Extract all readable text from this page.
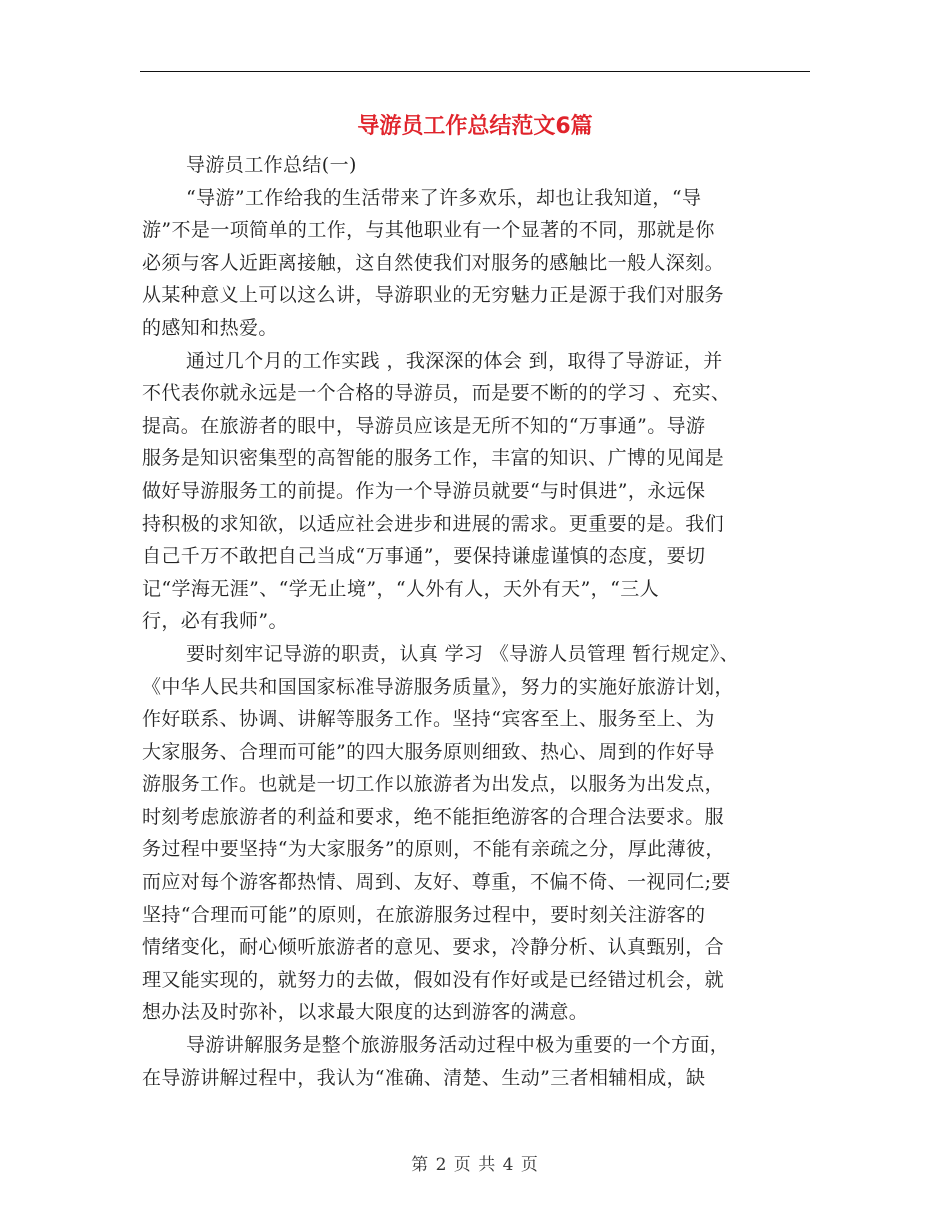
导游员工作总结范文6篇
导游员工作总结(一)
“导游”工作给我的生活带来了许多欢乐，却也让我知道，“导
游”不是一项简单的工作，与其他职业有一个显著的不同，那就是你
必须与客人近距离接触，这自然使我们对服务的感触比一般人深刻。
从某种意义上可以这么讲，导游职业的无穷魅力正是源于我们对服务
的感知和热爱。
通过几个月的工作实践 ，我深深的体会 到，取得了导游证，并
不代表你就永远是一个合格的导游员，而是要不断的的学习 、充实、
提高。在旅游者的眼中，导游员应该是无所不知的“万事通”。导游
服务是知识密集型的高智能的服务工作，丰富的知识、广博的见闻是
做好导游服务工的前提。作为一个导游员就要“与时俱进”，永远保
持积极的求知欲，以适应社会进步和进展的需求。更重要的是。我们
自己千万不敢把自己当成“万事通”，要保持谦虚谨慎的态度，要切
记“学海无涯”、“学无止境”，“人外有人，天外有天”，“三人
行，必有我师”。
要时刻牢记导游的职责，认真 学习 《导游人员管理 暂行规定》、
《中华人民共和国国家标准导游服务质量》，努力的实施好旅游计划，
作好联系、协调、讲解等服务工作。坚持“宾客至上、服务至上、为
大家服务、合理而可能”的四大服务原则细致、热心、周到的作好导
游服务工作。也就是一切工作以旅游者为出发点，以服务为出发点，
时刻考虑旅游者的利益和要求，绝不能拒绝游客的合理合法要求。服
务过程中要坚持“为大家服务”的原则，不能有亲疏之分，厚此薄彼，
而应对每个游客都热情、周到、友好、尊重，不偏不倚、一视同仁;要
坚持“合理而可能”的原则，在旅游服务过程中，要时刻关注游客的
情绪变化，耐心倾听旅游者的意见、要求，冷静分析、认真甄别，合
理又能实现的，就努力的去做，假如没有作好或是已经错过机会，就
想办法及时弥补，以求最大限度的达到游客的满意。
导游讲解服务是整个旅游服务活动过程中极为重要的一个方面，
在导游讲解过程中，我认为“准确、清楚、生动”三者相辅相成，缺
第 2 页 共 4 页
